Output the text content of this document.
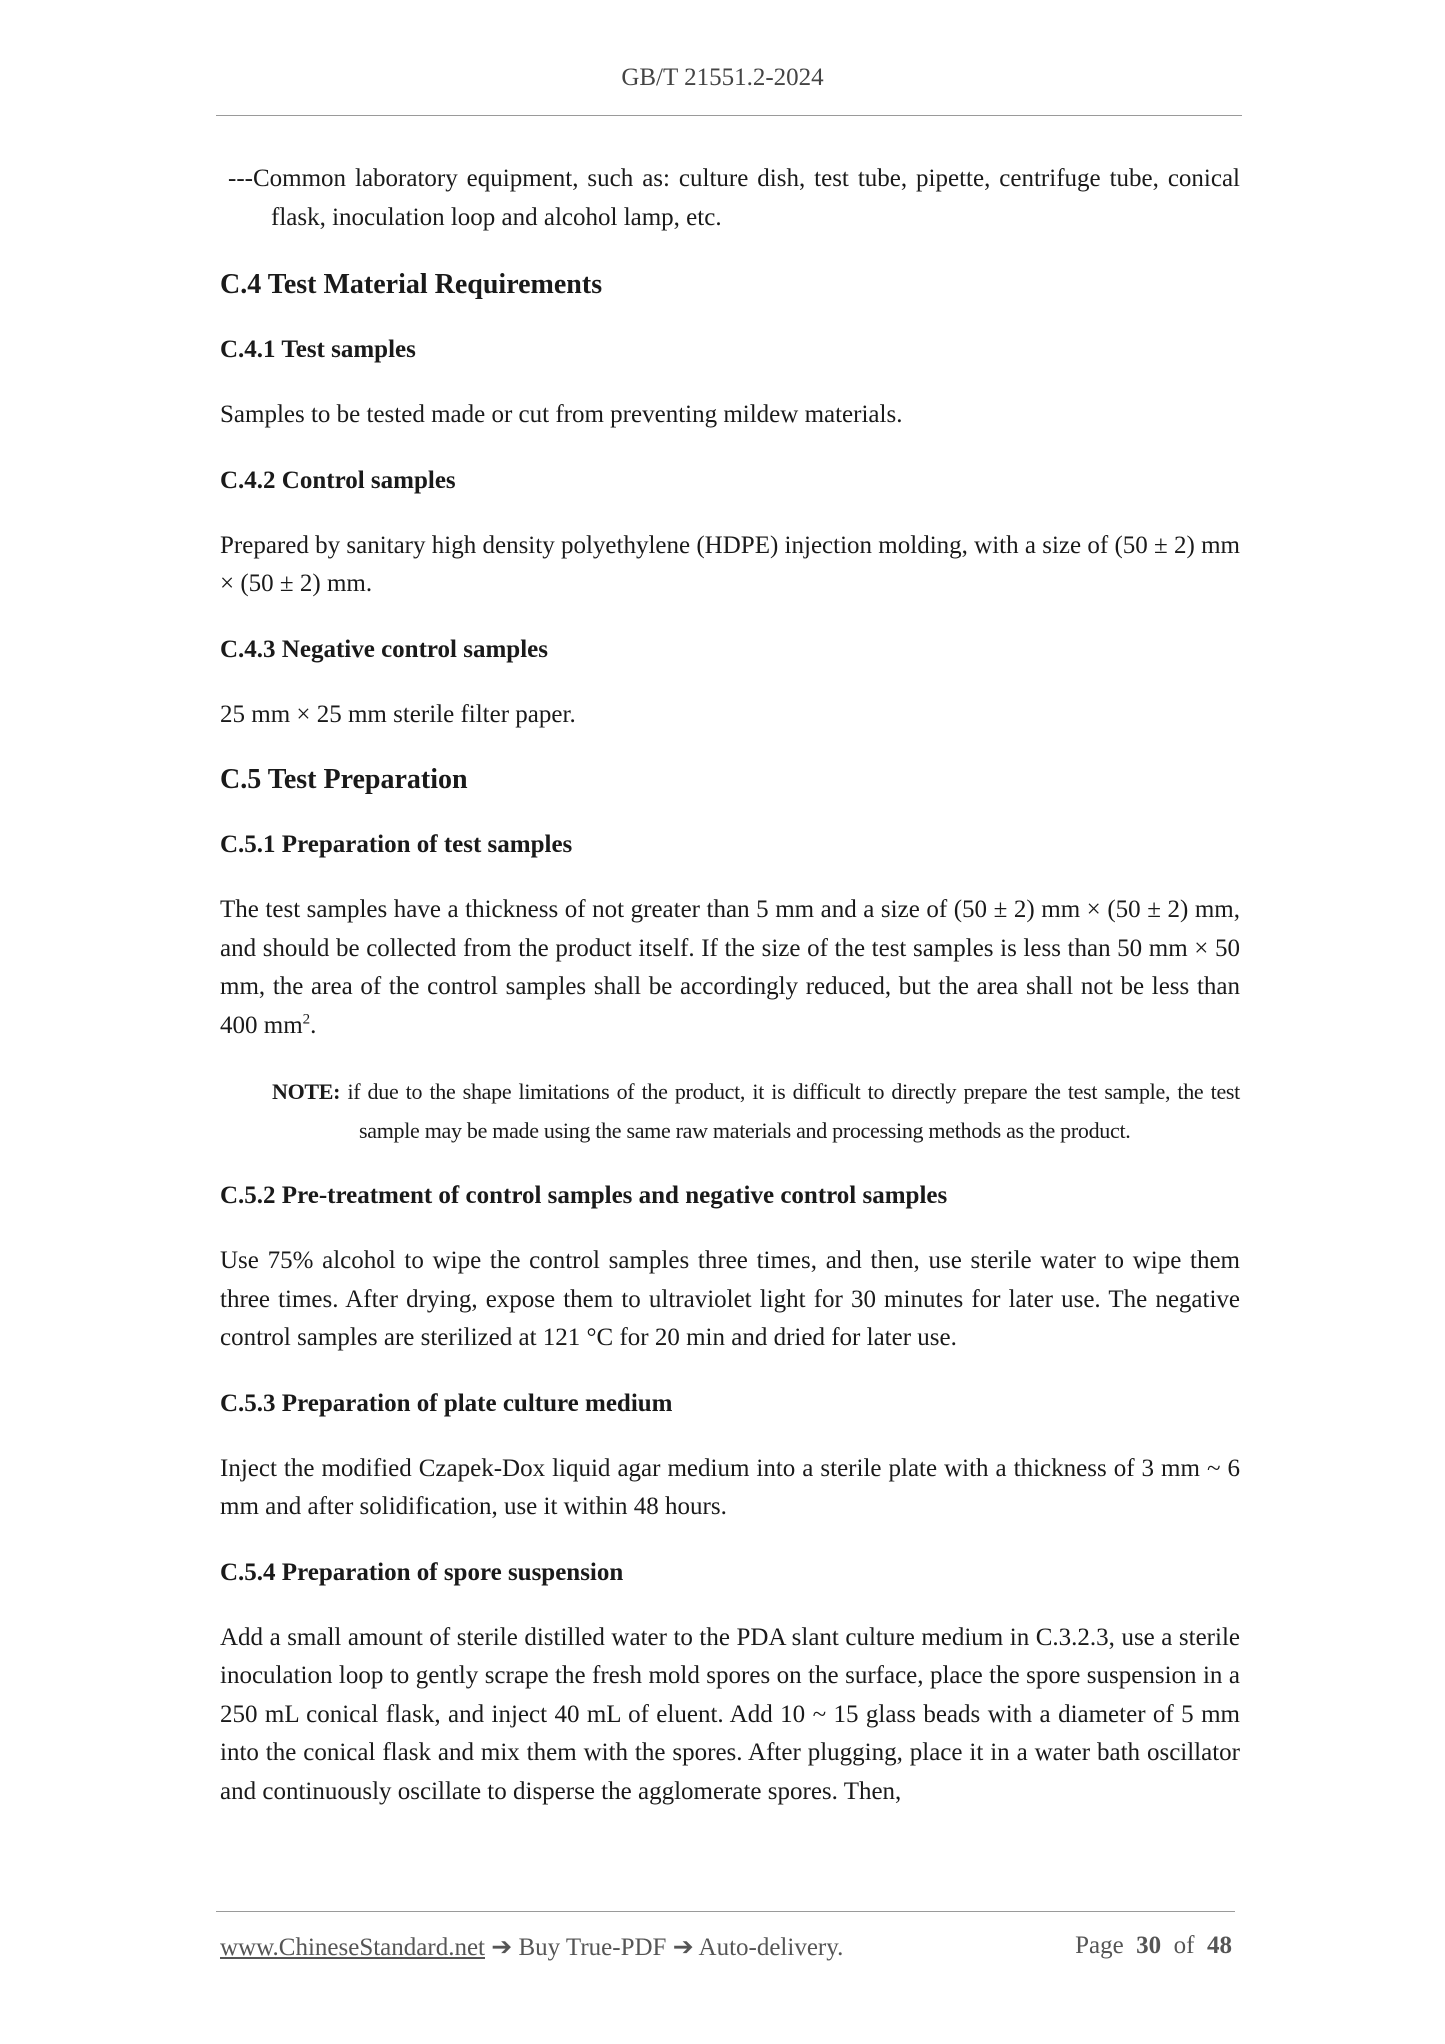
GB/T 21551.2-2024

---Common laboratory equipment, such as: culture dish, test tube, pipette, centrifuge tube, conical flask, inoculation loop and alcohol lamp, etc.

C.4 Test Material Requirements

C.4.1 Test samples

Samples to be tested made or cut from preventing mildew materials.

C.4.2 Control samples

Prepared by sanitary high density polyethylene (HDPE) injection molding, with a size of (50 ± 2) mm × (50 ± 2) mm.

C.4.3 Negative control samples

25 mm × 25 mm sterile filter paper.

C.5 Test Preparation

C.5.1 Preparation of test samples

The test samples have a thickness of not greater than 5 mm and a size of (50 ± 2) mm × (50 ± 2) mm, and should be collected from the product itself. If the size of the test samples is less than 50 mm × 50 mm, the area of the control samples shall be accordingly reduced, but the area shall not be less than 400 $mm^2$.

NOTE: if due to the shape limitations of the product, it is difficult to directly prepare the test sample, the test sample may be made using the same raw materials and processing methods as the product.

C.5.2 Pre-treatment of control samples and negative control samples

Use 75% alcohol to wipe the control samples three times, and then, use sterile water to wipe them three times. After drying, expose them to ultraviolet light for 30 minutes for later use. The negative control samples are sterilized at 121 °C for 20 min and dried for later use.

C.5.3 Preparation of plate culture medium

Inject the modified Czapek-Dox liquid agar medium into a sterile plate with a thickness of 3 mm ~ 6 mm and after solidification, use it within 48 hours.

C.5.4 Preparation of spore suspension

Add a small amount of sterile distilled water to the PDA slant culture medium in C.3.2.3, use a sterile inoculation loop to gently scrape the fresh mold spores on the surface, place the spore suspension in a 250 mL conical flask, and inject 40 mL of eluent. Add 10 ~ 15 glass beads with a diameter of 5 mm into the conical flask and mix them with the spores. After plugging, place it in a water bath oscillator and continuously oscillate to disperse the agglomerate spores. Then,

www.ChineseStandard.net ➔ Buy True-PDF ➔ Auto-delivery.	Page 30 of 48
